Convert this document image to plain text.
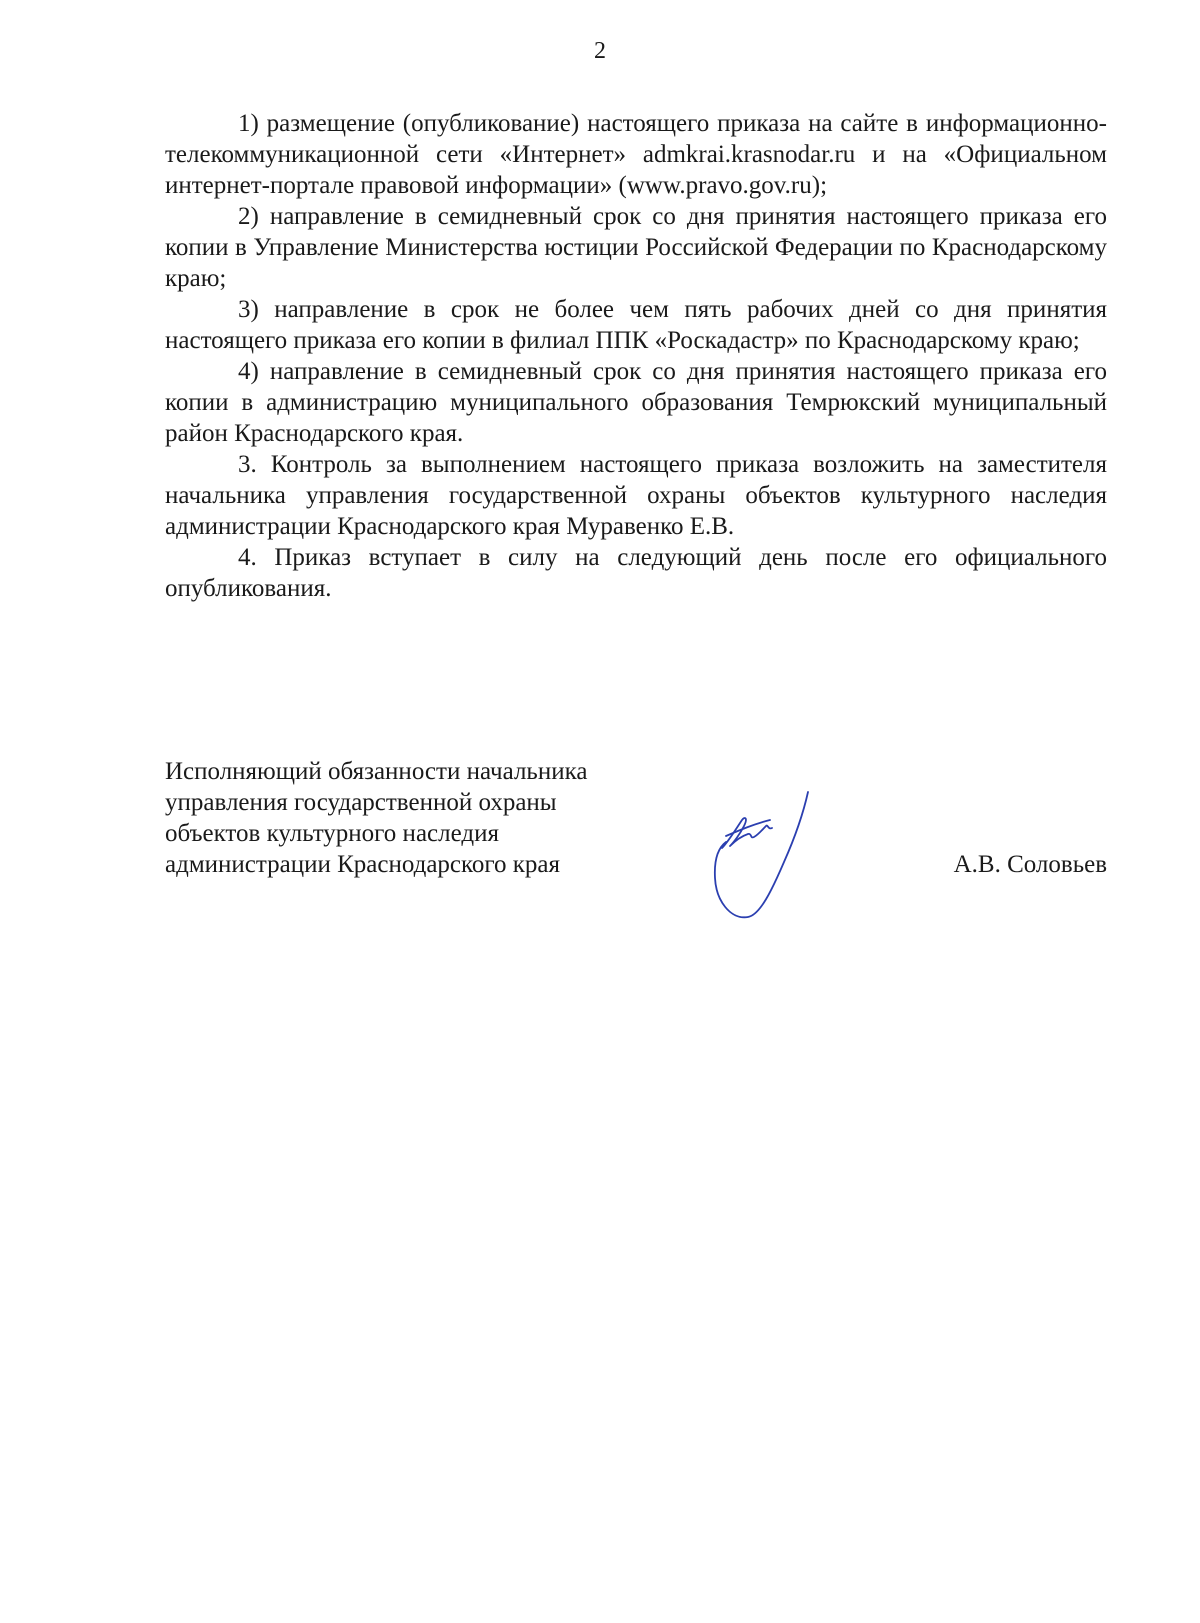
2

1) размещение (опубликование) настоящего приказа на сайте в информационно-телекоммуникационной сети «Интернет» admkrai.krasnodar.ru и на «Официальном интернет-портале правовой информации» (www.pravo.gov.ru);

2) направление в семидневный срок со дня принятия настоящего приказа его копии в Управление Министерства юстиции Российской Федерации по Краснодарскому краю;

3) направление в срок не более чем пять рабочих дней со дня принятия настоящего приказа его копии в филиал ППК «Роскадастр» по Краснодарскому краю;

4) направление в семидневный срок со дня принятия настоящего приказа его копии в администрацию муниципального образования Темрюкский муниципальный район Краснодарского края.

3. Контроль за выполнением настоящего приказа возложить на заместителя начальника управления государственной охраны объектов культурного наследия администрации Краснодарского края Муравенко Е.В.

4. Приказ вступает в силу на следующий день после его официального опубликования.

Исполняющий обязанности начальника
управления государственной охраны
объектов культурного наследия
администрации Краснодарского края	А.В. Соловьев
